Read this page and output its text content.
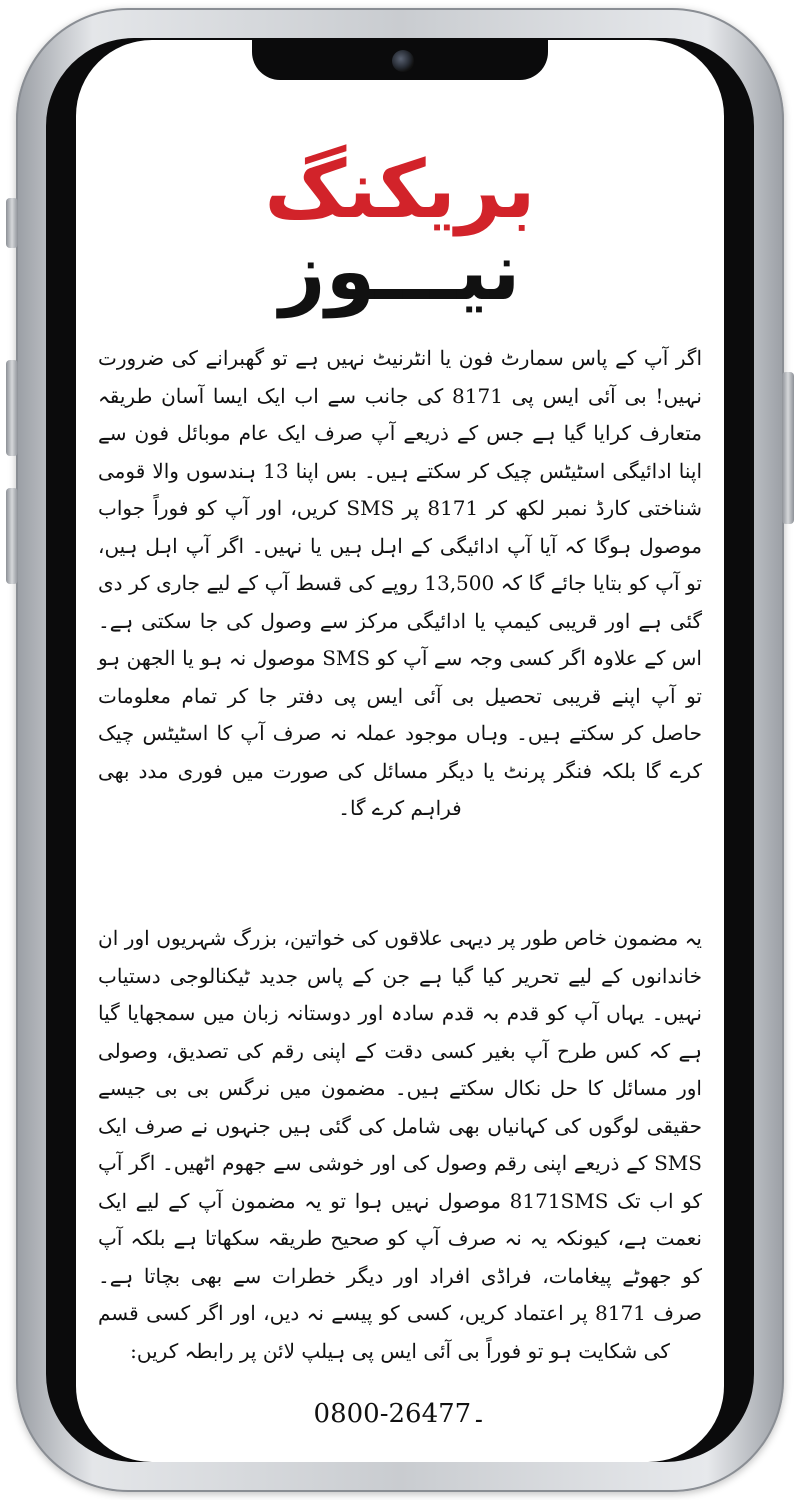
بریکنگ
نیـــوز
اگر آپ کے پاس سمارٹ فون یا انٹرنیٹ نہیں ہے تو گھبرانے کی ضرورت نہیں! بی آئی ایس پی 8171 کی جانب سے اب ایک ایسا آسان طریقہ متعارف کرایا گیا ہے جس کے ذریعے آپ صرف ایک عام موبائل فون سے اپنا ادائیگی اسٹیٹس چیک کر سکتے ہیں۔ بس اپنا 13 ہندسوں والا قومی شناختی کارڈ نمبر لکھ کر 8171 پر SMS کریں، اور آپ کو فوراً جواب موصول ہوگا کہ آیا آپ ادائیگی کے اہل ہیں یا نہیں۔ اگر آپ اہل ہیں، تو آپ کو بتایا جائے گا کہ 13,500 روپے کی قسط آپ کے لیے جاری کر دی گئی ہے اور قریبی کیمپ یا ادائیگی مرکز سے وصول کی جا سکتی ہے۔ اس کے علاوہ اگر کسی وجہ سے آپ کو SMS موصول نہ ہو یا الجھن ہو تو آپ اپنے قریبی تحصیل بی آئی ایس پی دفتر جا کر تمام معلومات حاصل کر سکتے ہیں۔ وہاں موجود عملہ نہ صرف آپ کا اسٹیٹس چیک کرے گا بلکہ فنگر پرنٹ یا دیگر مسائل کی صورت میں فوری مدد بھی فراہم کرے گا۔
یہ مضمون خاص طور پر دیہی علاقوں کی خواتین، بزرگ شہریوں اور ان خاندانوں کے لیے تحریر کیا گیا ہے جن کے پاس جدید ٹیکنالوجی دستیاب نہیں۔ یہاں آپ کو قدم بہ قدم سادہ اور دوستانہ زبان میں سمجھایا گیا ہے کہ کس طرح آپ بغیر کسی دقت کے اپنی رقم کی تصدیق، وصولی اور مسائل کا حل نکال سکتے ہیں۔ مضمون میں نرگس بی بی جیسے حقیقی لوگوں کی کہانیاں بھی شامل کی گئی ہیں جنہوں نے صرف ایک SMS کے ذریعے اپنی رقم وصول کی اور خوشی سے جھوم اٹھیں۔ اگر آپ کو اب تک 8171SMS موصول نہیں ہوا تو یہ مضمون آپ کے لیے ایک نعمت ہے، کیونکہ یہ نہ صرف آپ کو صحیح طریقہ سکھاتا ہے بلکہ آپ کو جھوٹے پیغامات، فراڈی افراد اور دیگر خطرات سے بھی بچاتا ہے۔ صرف 8171 پر اعتماد کریں، کسی کو پیسے نہ دیں، اور اگر کسی قسم کی شکایت ہو تو فوراً بی آئی ایس پی ہیلپ لائن پر رابطہ کریں:
0800-26477۔
